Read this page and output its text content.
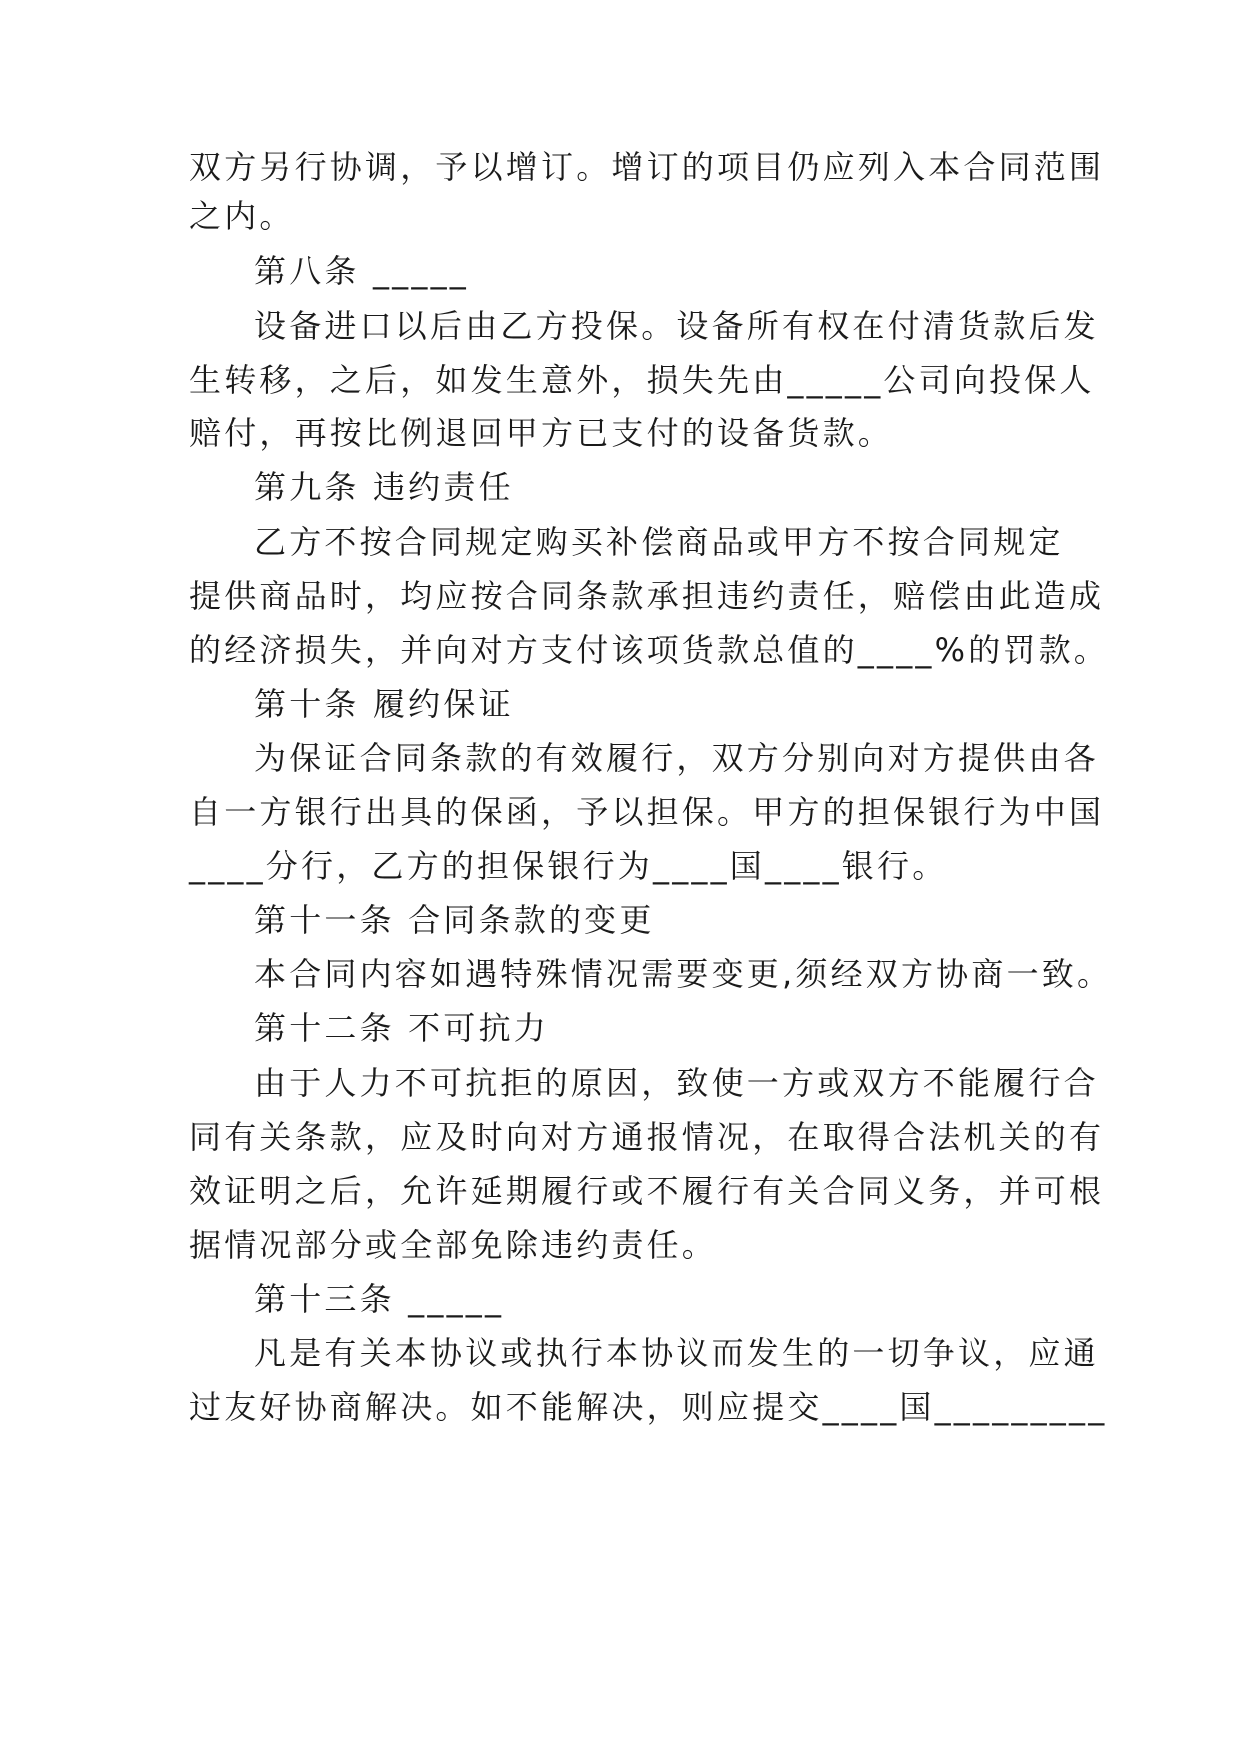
双方另行协调，予以增订。增订的项目仍应列入本合同范围
之内。
第八条 _____
设备进口以后由乙方投保。设备所有权在付清货款后发
生转移，之后，如发生意外，损失先由_____公司向投保人
赔付，再按比例退回甲方已支付的设备货款。
第九条 违约责任
乙方不按合同规定购买补偿商品或甲方不按合同规定
提供商品时，均应按合同条款承担违约责任，赔偿由此造成
的经济损失，并向对方支付该项货款总值的____%的罚款。
第十条 履约保证
为保证合同条款的有效履行，双方分别向对方提供由各
自一方银行出具的保函，予以担保。甲方的担保银行为中国
____分行，乙方的担保银行为____国____银行。
第十一条 合同条款的变更
本合同内容如遇特殊情况需要变更,须经双方协商一致。
第十二条 不可抗力
由于人力不可抗拒的原因，致使一方或双方不能履行合
同有关条款，应及时向对方通报情况，在取得合法机关的有
效证明之后，允许延期履行或不履行有关合同义务，并可根
据情况部分或全部免除违约责任。
第十三条 _____
凡是有关本协议或执行本协议而发生的一切争议，应通
过友好协商解决。如不能解决，则应提交____国_________
